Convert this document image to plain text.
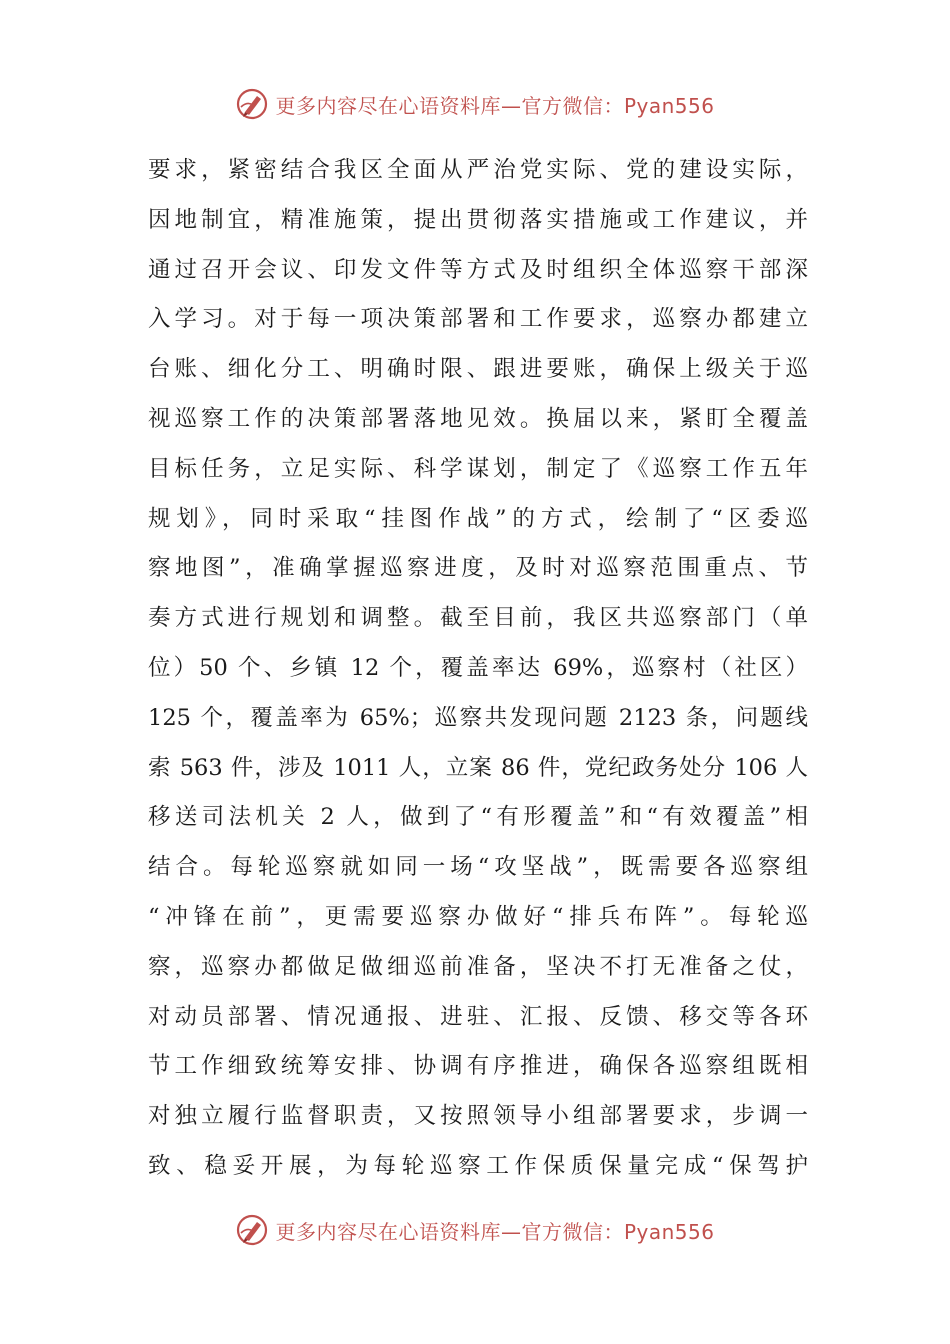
更多内容尽在心语资料库—官方微信：Pyan556
要求，紧密结合我区全面从严治党实际、党的建设实际，
因地制宜，精准施策，提出贯彻落实措施或工作建议，并
通过召开会议、印发文件等方式及时组织全体巡察干部深
入学习。对于每一项决策部署和工作要求，巡察办都建立
台账、细化分工、明确时限、跟进要账，确保上级关于巡
视巡察工作的决策部署落地见效。换届以来，紧盯全覆盖
目标任务，立足实际、科学谋划，制定了《巡察工作五年
规划》，同时采取“挂图作战”的方式，绘制了“区委巡
察地图”，准确掌握巡察进度，及时对巡察范围重点、节
奏方式进行规划和调整。截至目前，我区共巡察部门（单
位）50 个、乡镇 12 个，覆盖率达 69%，巡察村（社区）
125 个，覆盖率为 65%；巡察共发现问题 2123 条，问题线
索 563 件，涉及 1011 人，立案 86 件，党纪政务处分 106 人
移送司法机关 2 人，做到了“有形覆盖”和“有效覆盖”相
结合。每轮巡察就如同一场“攻坚战”，既需要各巡察组
“冲锋在前”，更需要巡察办做好“排兵布阵”。每轮巡
察，巡察办都做足做细巡前准备，坚决不打无准备之仗，
对动员部署、情况通报、进驻、汇报、反馈、移交等各环
节工作细致统筹安排、协调有序推进，确保各巡察组既相
对独立履行监督职责，又按照领导小组部署要求，步调一
致、稳妥开展，为每轮巡察工作保质保量完成“保驾护
更多内容尽在心语资料库—官方微信：Pyan556
